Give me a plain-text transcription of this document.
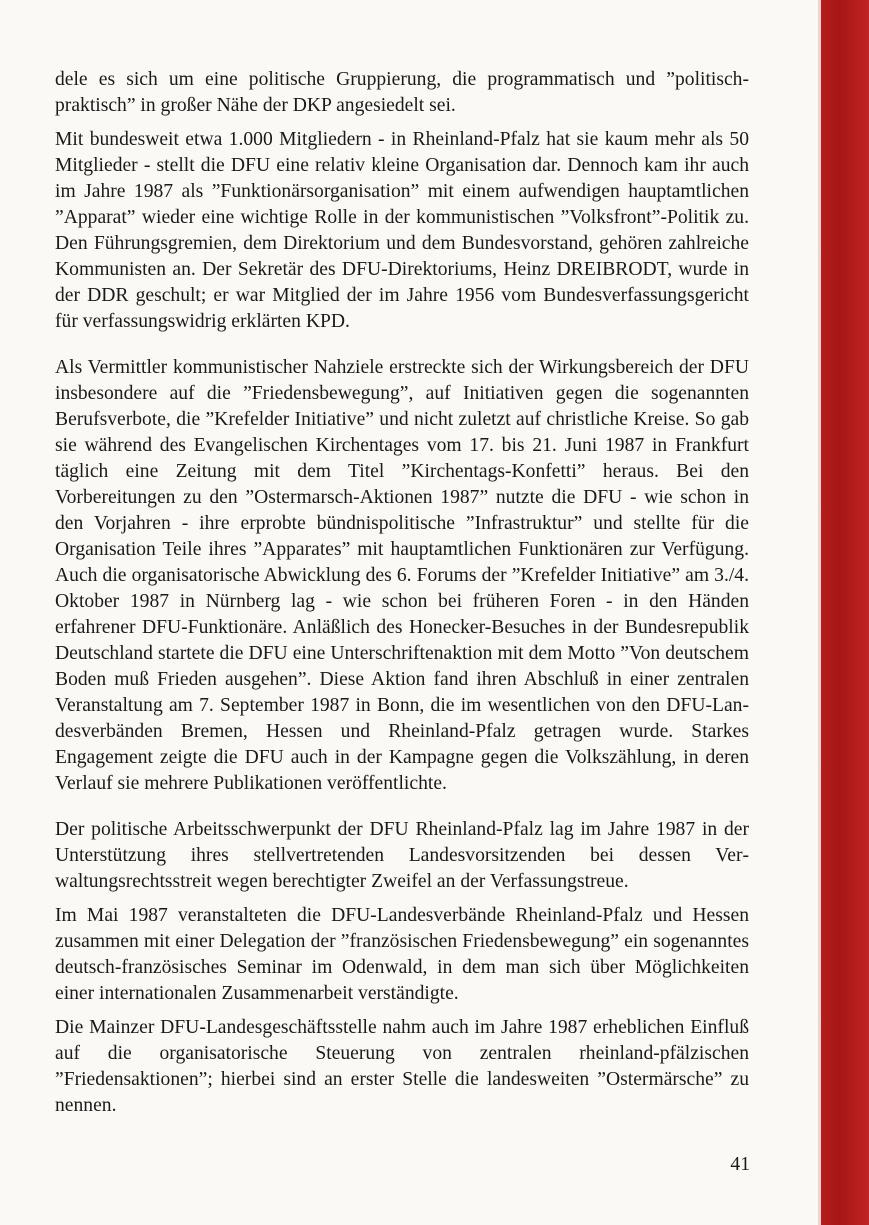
dele es sich um eine politische Gruppierung, die programmatisch und ”politisch-praktisch” in großer Nähe der DKP angesiedelt sei.

Mit bundesweit etwa 1.000 Mitgliedern - in Rheinland-Pfalz hat sie kaum mehr als 50 Mitglieder - stellt die DFU eine relativ kleine Organisation dar. Dennoch kam ihr auch im Jahre 1987 als ”Funktionärsorganisation” mit einem aufwendigen hauptamtlichen ”Apparat” wieder eine wichtige Rolle in der kommunistischen ”Volksfront”-Politik zu. Den Führungsgremien, dem Direktorium und dem Bundesvorstand, gehören zahlreiche Kommunisten an. Der Sekretär des DFU-Direktoriums, Heinz DREIBRODT, wurde in der DDR geschult; er war Mitglied der im Jahre 1956 vom Bundesverfassungsgericht für verfassungswidrig erklärten KPD.

Als Vermittler kommunistischer Nahziele erstreckte sich der Wirkungsbereich der DFU insbesondere auf die ”Friedensbewegung”, auf Initiativen gegen die sogenannten Berufsverbote, die ”Krefelder Initiative” und nicht zuletzt auf christliche Kreise. So gab sie während des Evangelischen Kirchentages vom 17. bis 21. Juni 1987 in Frankfurt täglich eine Zeitung mit dem Titel ”Kirchentags-Konfetti” heraus. Bei den Vorbereitungen zu den ”Ostermarsch-Aktionen 1987” nutzte die DFU - wie schon in den Vorjahren - ihre erprobte bündnispolitische ”Infrastruktur” und stellte für die Organisation Teile ihres ”Apparates” mit hauptamtlichen Funktionären zur Verfügung. Auch die organisatorische Abwicklung des 6. Forums der ”Krefelder Initiative” am 3./4. Oktober 1987 in Nürnberg lag - wie schon bei früheren Foren - in den Händen erfahrener DFU-Funktionäre. Anläßlich des Honecker-Besuches in der Bundesrepublik Deutschland startete die DFU eine Unterschriftenaktion mit dem Motto ”Von deutschem Boden muß Frieden ausgehen”. Diese Aktion fand ihren Abschluß in einer zentralen Veranstaltung am 7. September 1987 in Bonn, die im wesentlichen von den DFU-Landesverbänden Bremen, Hessen und Rheinland-Pfalz getragen wurde. Starkes Engagement zeigte die DFU auch in der Kampagne gegen die Volkszählung, in deren Verlauf sie mehrere Publikationen veröffentlichte.

Der politische Arbeitsschwerpunkt der DFU Rheinland-Pfalz lag im Jahre 1987 in der Unterstützung ihres stellvertretenden Landesvorsitzenden bei dessen Verwaltungsrechtsstreit wegen berechtigter Zweifel an der Verfassungstreue.

Im Mai 1987 veranstalteten die DFU-Landesverbände Rheinland-Pfalz und Hessen zusammen mit einer Delegation der ”französischen Friedensbewegung” ein sogenanntes deutsch-französisches Seminar im Odenwald, in dem man sich über Möglichkeiten einer internationalen Zusammenarbeit verständigte.

Die Mainzer DFU-Landesgeschäftsstelle nahm auch im Jahre 1987 erheblichen Einfluß auf die organisatorische Steuerung von zentralen rheinland-pfälzischen ”Friedensaktionen”; hierbei sind an erster Stelle die landesweiten ”Ostermärsche” zu nennen.

41
